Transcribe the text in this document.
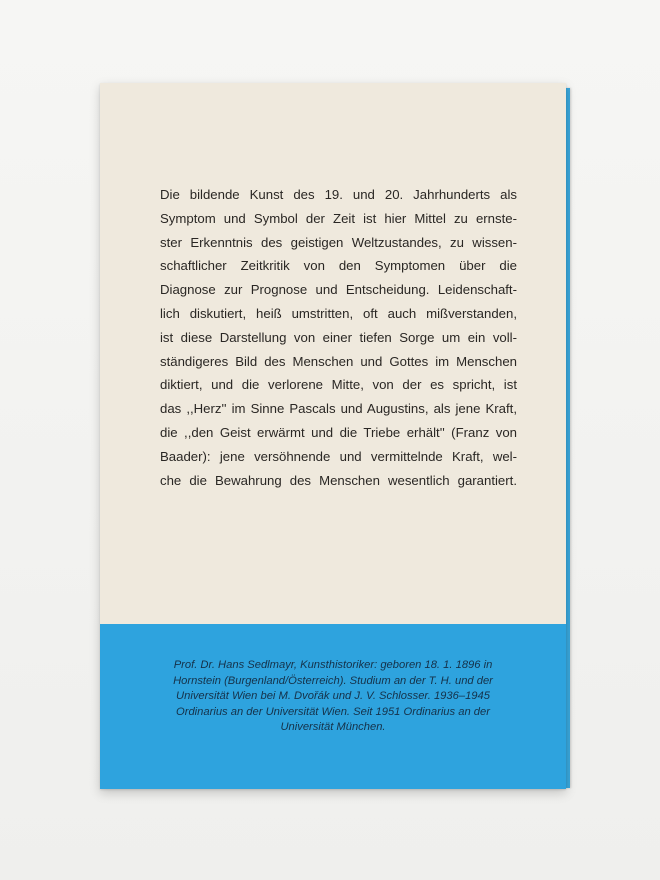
Die bildende Kunst des 19. und 20. Jahrhunderts als
Symptom und Symbol der Zeit ist hier Mittel zu ernste-
ster Erkenntnis des geistigen Weltzustandes, zu wissen-
schaftlicher Zeitkritik von den Symptomen über die
Diagnose zur Prognose und Entscheidung. Leidenschaft-
lich diskutiert, heiß umstritten, oft auch mißverstanden,
ist diese Darstellung von einer tiefen Sorge um ein voll-
ständigeres Bild des Menschen und Gottes im Menschen
diktiert, und die verlorene Mitte, von der es spricht, ist
das ,,Herz'' im Sinne Pascals und Augustins, als jene Kraft,
die ,,den Geist erwärmt und die Triebe erhält'' (Franz von
Baader): jene versöhnende und vermittelnde Kraft, wel-
che die Bewahrung des Menschen wesentlich garantiert.
Prof. Dr. Hans Sedlmayr, Kunsthistoriker: geboren 18. 1. 1896 in
Hornstein (Burgenland/Österreich). Studium an der T. H. und der
Universität Wien bei M. Dvořák und J. V. Schlosser. 1936–1945
Ordinarius an der Universität Wien. Seit 1951 Ordinarius an der
Universität München.
